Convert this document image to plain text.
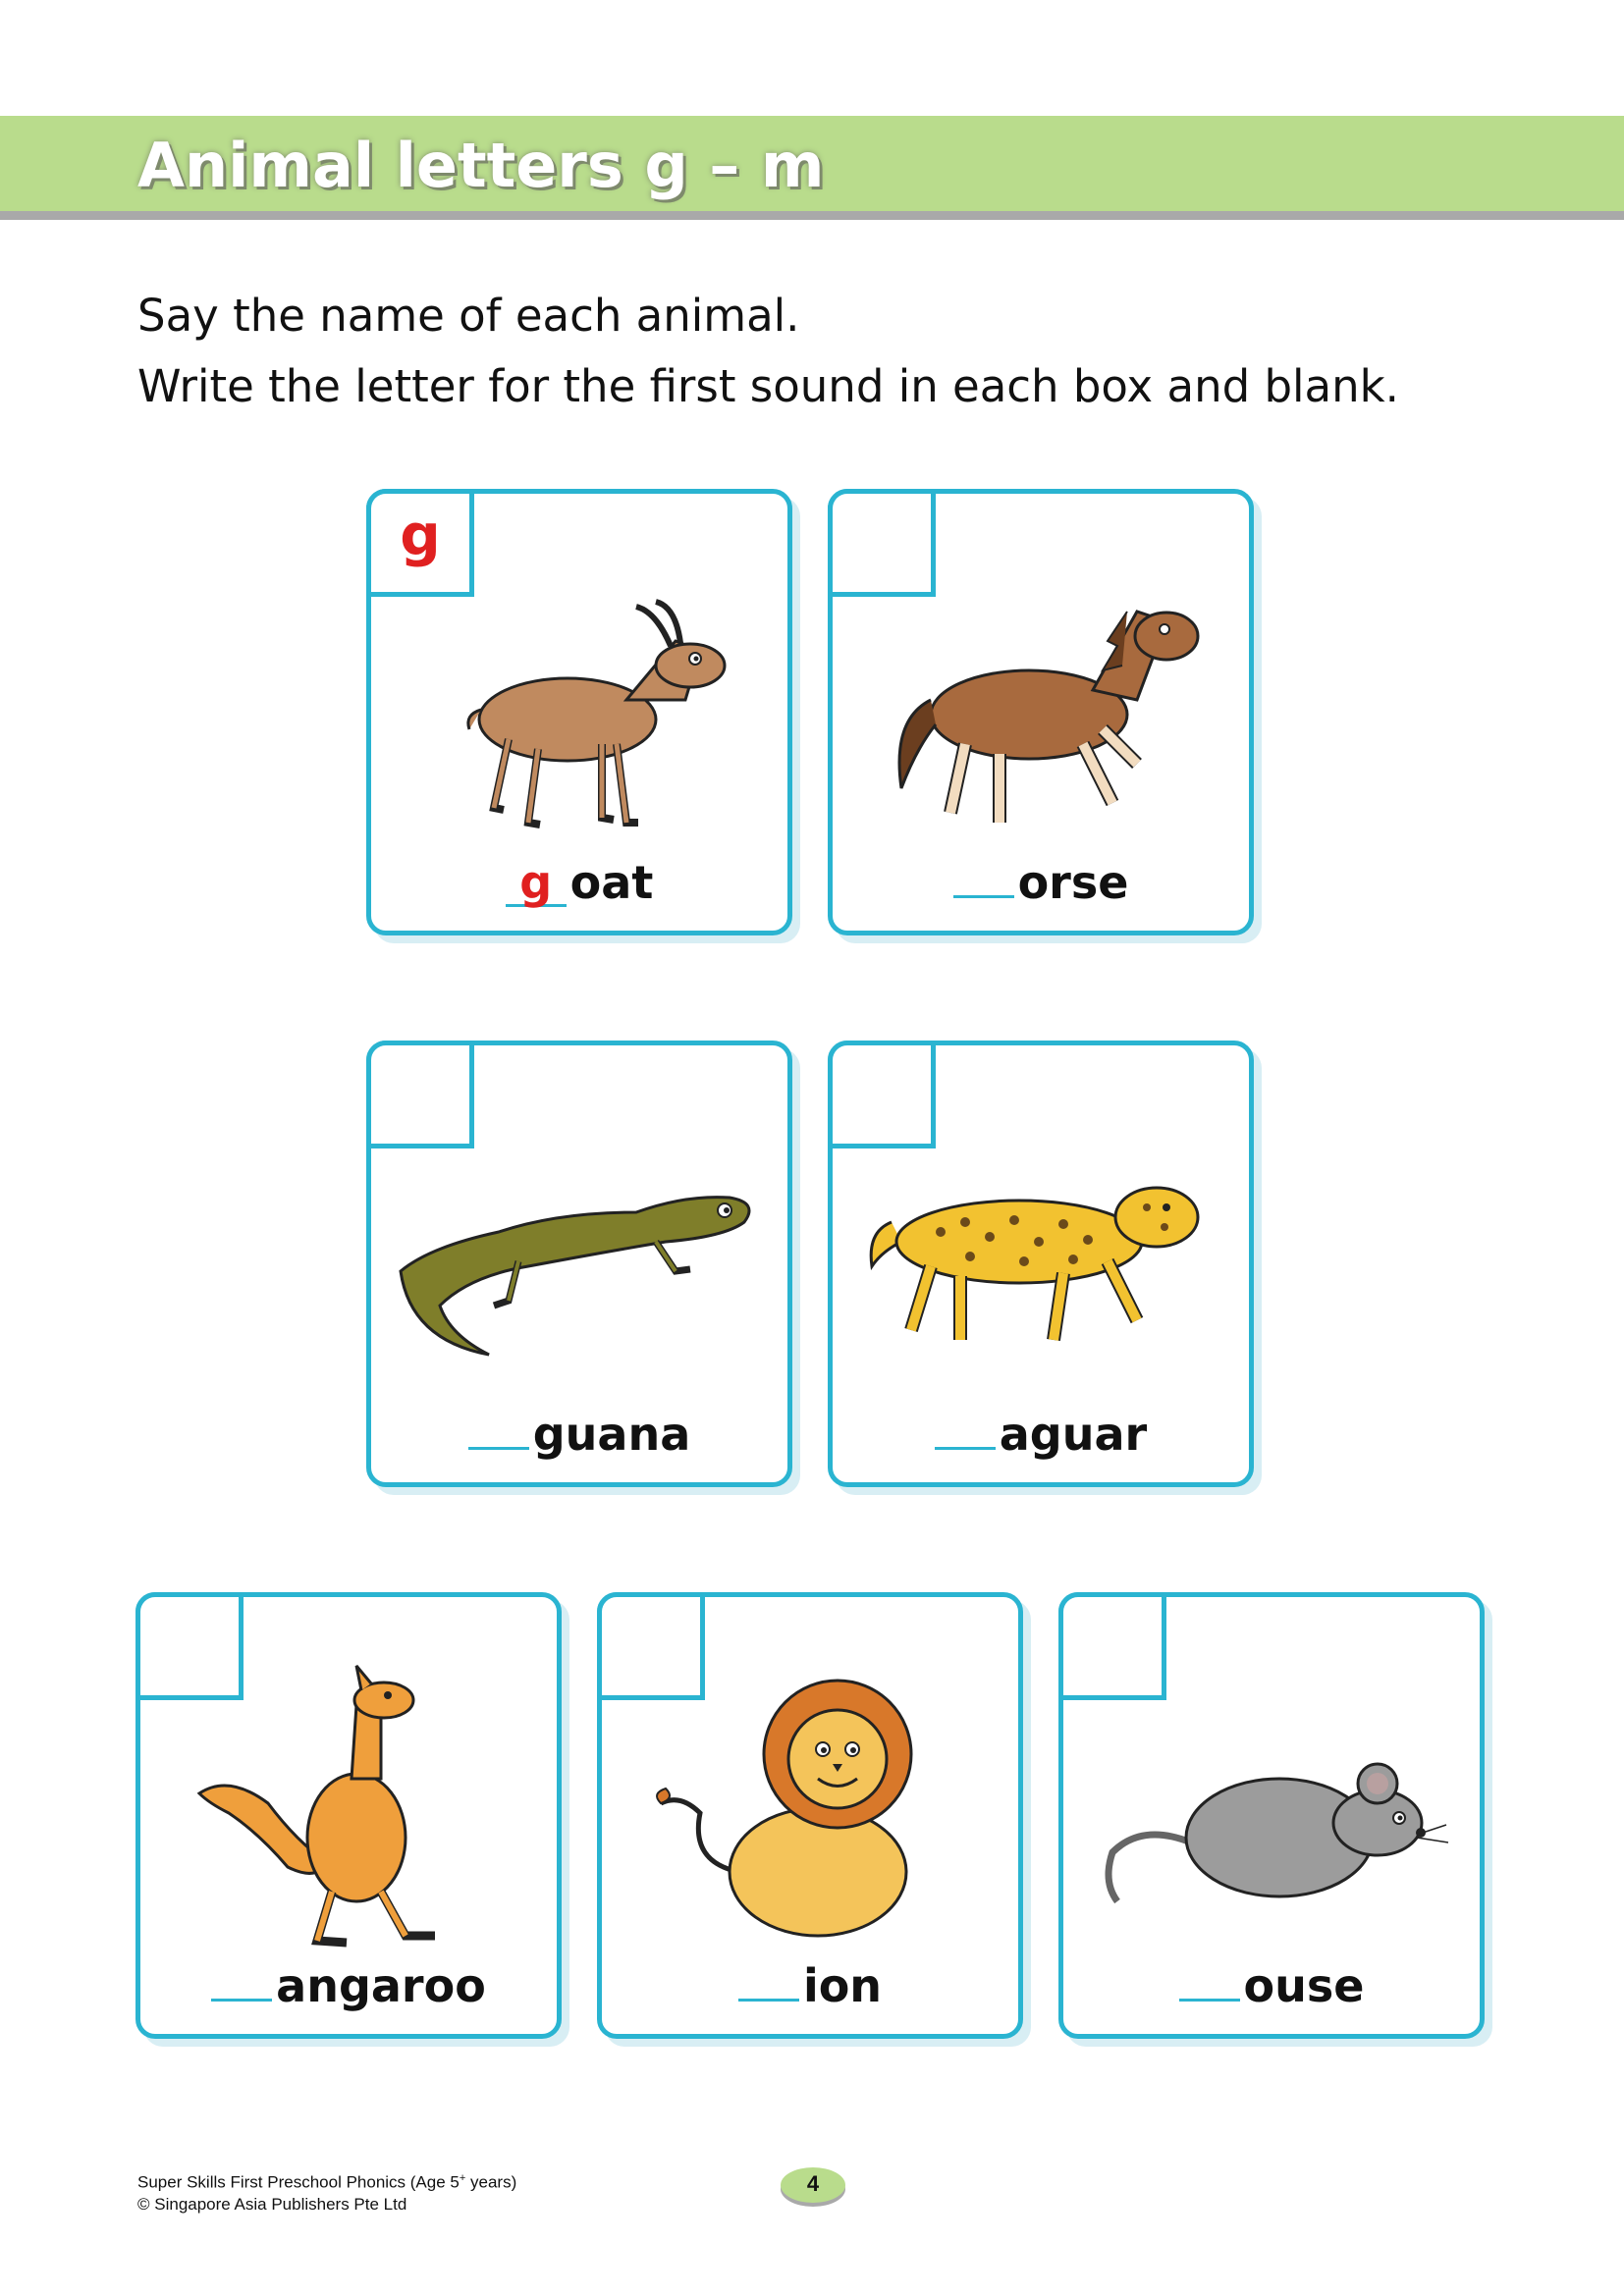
Animal letters g – m

Say the name of each animal.

Write the letter for the first sound in each box and blank.

g
g oat	orse
guana	aguar
angaroo	ion	ouse

Super Skills First Preschool Phonics (Age 5+ years)

© Singapore Asia Publishers Pte Ltd

4
